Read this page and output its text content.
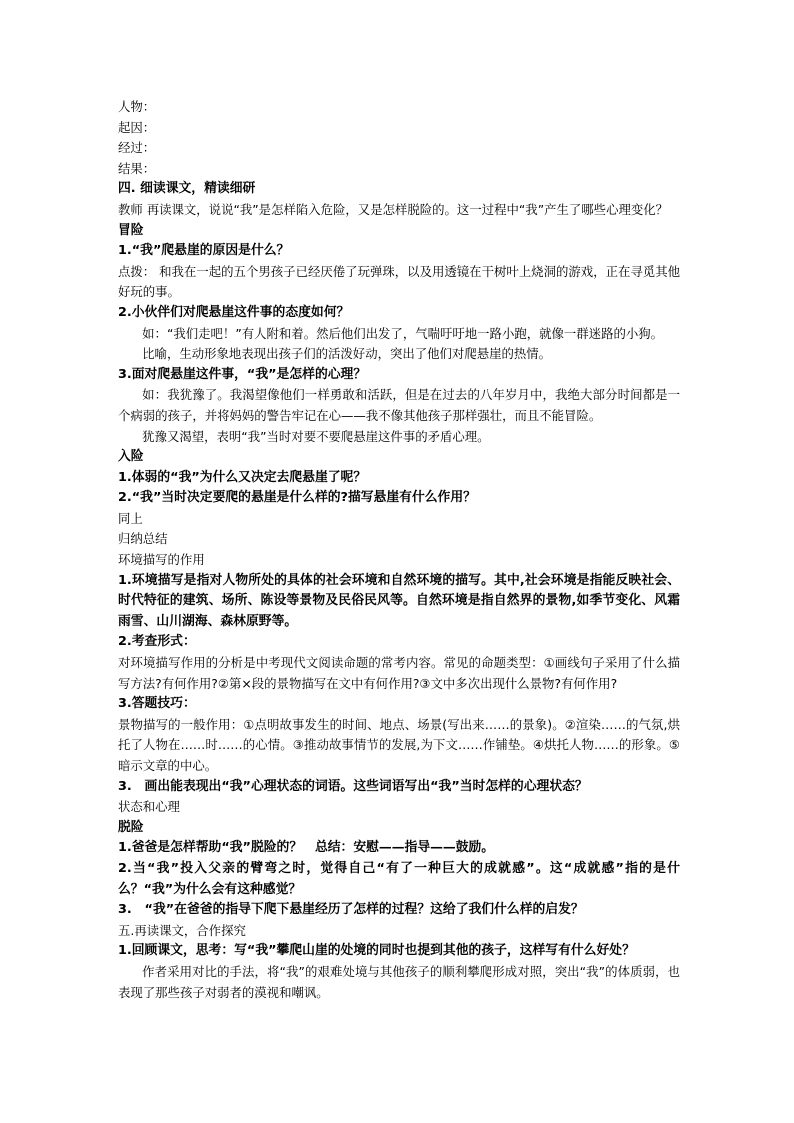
人物：

起因：

经过：

结果：

四. 细读课文，精读细研

教师 再读课文，说说“我”是怎样陷入危险，又是怎样脱险的。这一过程中“我”产生了哪些心理变化？

冒险

1.“我”爬悬崖的原因是什么？

点拨： 和我在一起的五个男孩子已经厌倦了玩弹珠，以及用透镜在干树叶上烧洞的游戏，正在寻觅其他好玩的事。

2.小伙伴们对爬悬崖这件事的态度如何？

如：“我们走吧！”有人附和着。然后他们出发了，气喘吁吁地一路小跑，就像一群迷路的小狗。

比喻，生动形象地表现出孩子们的活泼好动，突出了他们对爬悬崖的热情。

3.面对爬悬崖这件事，“我”是怎样的心理？

如：我犹豫了。我渴望像他们一样勇敢和活跃，但是在过去的八年岁月中，我绝大部分时间都是一个病弱的孩子，并将妈妈的警告牢记在心——我不像其他孩子那样强壮，而且不能冒险。

犹豫又渴望，表明“我”当时对要不要爬悬崖这件事的矛盾心理。

入险

1.体弱的“我”为什么又决定去爬悬崖了呢？

2.“我”当时决定要爬的悬崖是什么样的?描写悬崖有什么作用？

同上

归纳总结

环境描写的作用

1.环境描写是指对人物所处的具体的社会环境和自然环境的描写。其中,社会环境是指能反映社会、时代特征的建筑、场所、陈设等景物及民俗民风等。自然环境是指自然界的景物,如季节变化、风霜雨雪、山川湖海、森林原野等。

2.考查形式：

对环境描写作用的分析是中考现代文阅读命题的常考内容。常见的命题类型：①画线句子采用了什么描写方法?有何作用?②第×段的景物描写在文中有何作用?③文中多次出现什么景物?有何作用?

3.答题技巧：

景物描写的一般作用：①点明故事发生的时间、地点、场景(写出来……的景象)。②渲染……的气氛,烘托了人物在……时……的心情。③推动故事情节的发展,为下文……作铺垫。④烘托人物……的形象。⑤暗示文章的中心。

3.　画出能表现出“我”心理状态的词语。这些词语写出“我”当时怎样的心理状态？

状态和心理

脱险

1.爸爸是怎样帮助“我”脱险的？　总结：安慰——指导——鼓励。

2.当“我”投入父亲的臂弯之时，觉得自己“有了一种巨大的成就感”。这“成就感”指的是什么？“我”为什么会有这种感觉？

3.　“我”在爸爸的指导下爬下悬崖经历了怎样的过程？这给了我们什么样的启发？

五.再读课文，合作探究

1.回顾课文，思考：写“我”攀爬山崖的处境的同时也提到其他的孩子，这样写有什么好处？

作者采用对比的手法，将“我”的艰难处境与其他孩子的顺利攀爬形成对照，突出“我”的体质弱，也表现了那些孩子对弱者的漠视和嘲讽。
